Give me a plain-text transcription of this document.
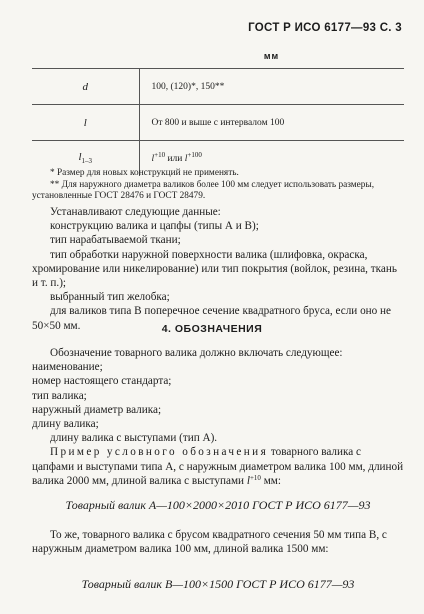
ГОСТ Р ИСО 6177—93 С. 3
	мм
d	100, (120)*, 150**
l	От 800 и выше с интервалом 100
$l_{1-3}$	$l^{+10}$ или $l^{+100}$

* Размер для новых конструкций не применять.

** Для наружного диаметра валиков более 100 мм следует использовать размеры, установленные ГОСТ 28476 и ГОСТ 28479.

Устанавливают следующие данные:

конструкцию валика и цапфы (типы А и В);

тип нарабатываемой ткани;

тип обработки наружной поверхности валика (шлифовка, окраска, хромирование или никелирование) или тип покрытия (войлок, резина, ткань и т. п.);

выбранный тип желобка;

для валиков типа В поперечное сечение квадратного бруса, если оно не 50×50 мм.	4. ОБОЗНАЧЕНИЯ

Обозначение товарного валика должно включать следующее:

наименование;

номер настоящего стандарта;

тип валика;

наружный диаметр валика;

длину валика;

длину валика с выступами (тип А).

Пример условного обозначения товарного валика с цапфами и выступами типа А, с наружным диаметром валика 100 мм, длиной валика 2000 мм, длиной валика с выступами $l^{+10}$ мм:

Товарный валик А—100×2000×2010 ГОСТ Р ИСО 6177—93

То же, товарного валика с брусом квадратного сечения 50 мм типа В, с наружным диаметром валика 100 мм, длиной валика 1500 мм:

Товарный валик В—100×1500 ГОСТ Р ИСО 6177—93
